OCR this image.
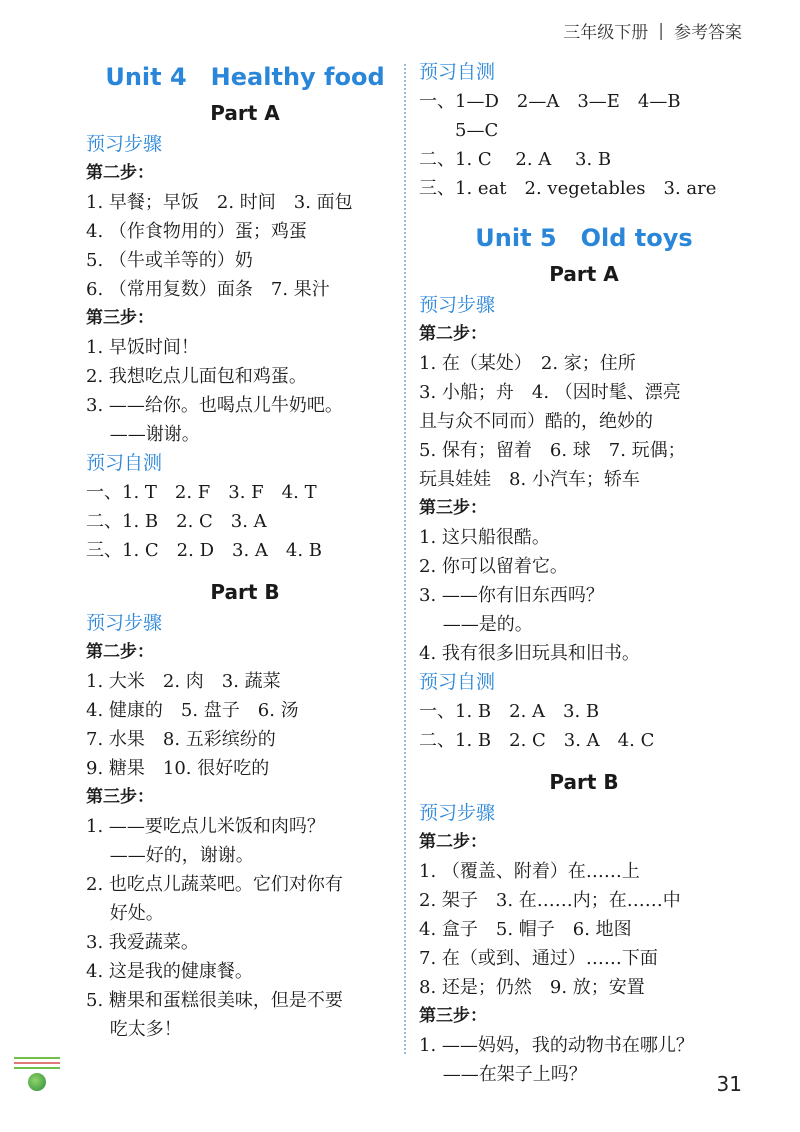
三年级下册 | 参考答案
Unit 4　Healthy food
Part A
预习步骤
第二步：
1. 早餐；早饭　2. 时间　3. 面包
4. （作食物用的）蛋；鸡蛋
5. （牛或羊等的）奶
6. （常用复数）面条　7. 果汁
第三步：
1. 早饭时间！
2. 我想吃点儿面包和鸡蛋。
3. ——给你。也喝点儿牛奶吧。
　 ——谢谢。
预习自测
一、1. T　2. F　3. F　4. T
二、1. B　2. C　3. A
三、1. C　2. D　3. A　4. B
Part B
预习步骤
第二步：
1. 大米　2. 肉　3. 蔬菜
4. 健康的　5. 盘子　6. 汤
7. 水果　8. 五彩缤纷的
9. 糖果　10. 很好吃的
第三步：
1. ——要吃点儿米饭和肉吗？
　 ——好的，谢谢。
2. 也吃点儿蔬菜吧。它们对你有
　 好处。
3. 我爱蔬菜。
4. 这是我的健康餐。
5. 糖果和蛋糕很美味，但是不要
　 吃太多！
预习自测
一、1—D　2—A　3—E　4—B
　　5—C
二、1. C　 2. A　 3. B
三、1. eat　2. vegetables　3. are
Unit 5　Old toys
Part A
预习步骤
第二步：
1. 在（某处）　2. 家；住所
3. 小船；舟　4. （因时髦、漂亮
且与众不同而）酷的，绝妙的
5. 保有；留着　6. 球　7. 玩偶；
玩具娃娃　8. 小汽车；轿车
第三步：
1. 这只船很酷。
2. 你可以留着它。
3. ——你有旧东西吗？
　 ——是的。
4. 我有很多旧玩具和旧书。
预习自测
一、1. B　2. A　3. B
二、1. B　2. C　3. A　4. C
Part B
预习步骤
第二步：
1. （覆盖、附着）在……上
2. 架子　3. 在……内；在……中
4. 盒子　5. 帽子　6. 地图
7. 在（或到、通过）……下面
8. 还是；仍然　9. 放；安置
第三步：
1. ——妈妈，我的动物书在哪儿？
　 ——在架子上吗？	31
